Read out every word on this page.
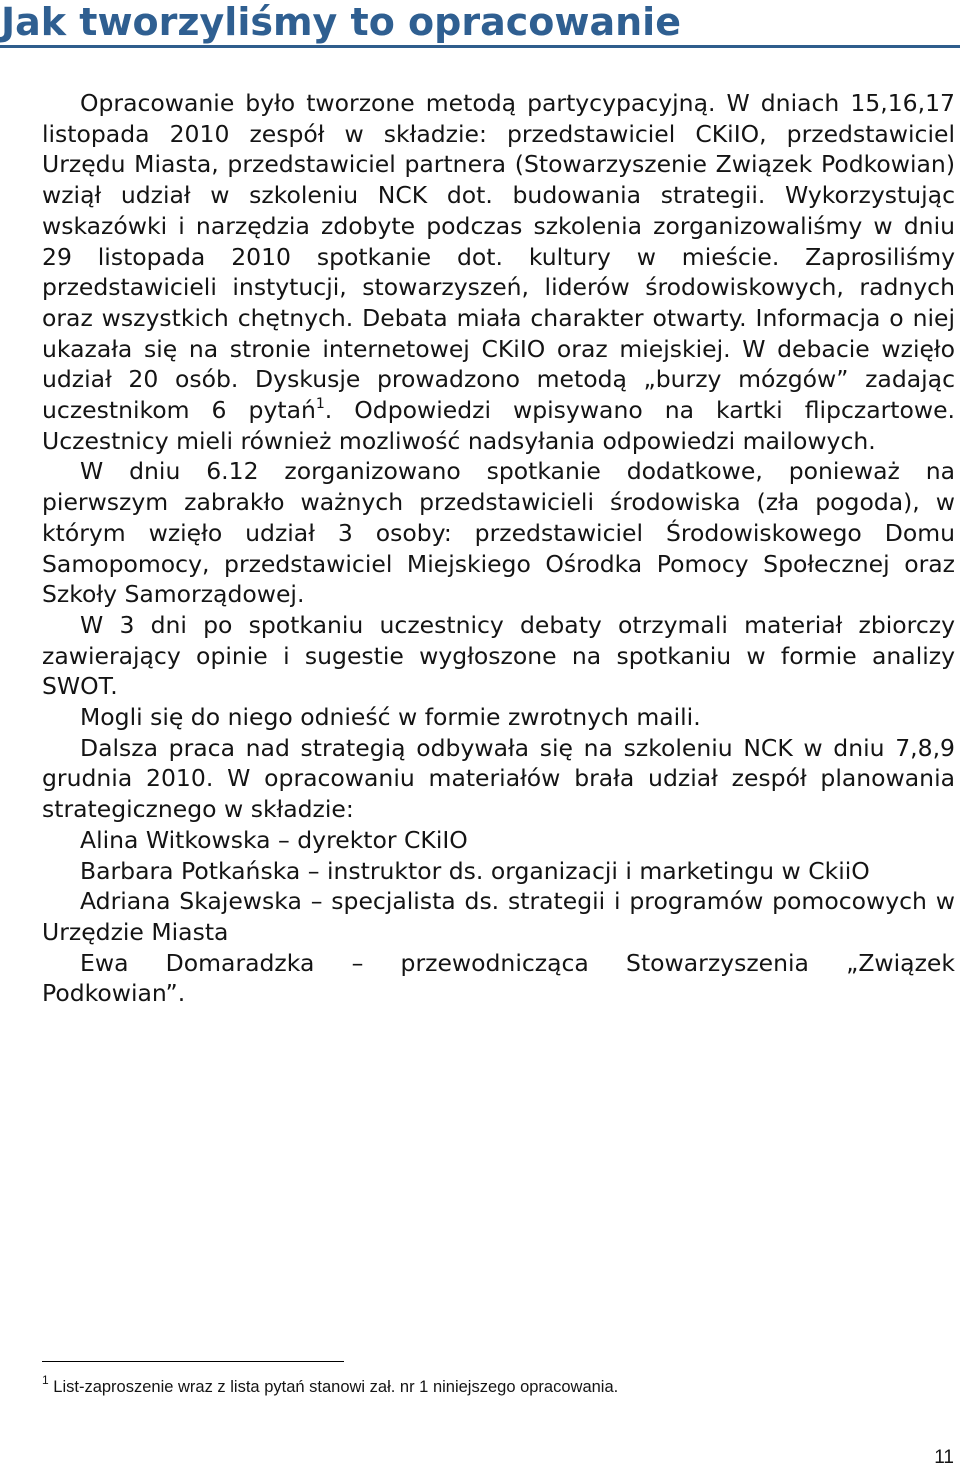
Jak tworzyliśmy to opracowanie

Opracowanie było tworzone metodą partycypacyjną. W dniach 15,16,17 listopada 2010 zespół w składzie: przedstawiciel CKiIO, przedstawiciel Urzędu Miasta, przedstawiciel partnera (Stowarzyszenie Związek Podkowian) wziął udział w szkoleniu NCK dot. budowania strategii. Wykorzystując wskazówki i narzędzia zdobyte podczas szkolenia zorganizowaliśmy w dniu 29 listopada 2010 spotkanie dot. kultury w mieście. Zaprosiliśmy przedstawicieli instytucji, stowarzyszeń, liderów środowiskowych, radnych oraz wszystkich chętnych. Debata miała charakter otwarty. Informacja o niej ukazała się na stronie internetowej CKiIO oraz miejskiej. W debacie wzięło udział 20 osób. Dyskusje prowadzono metodą „burzy mózgów” zadając uczestnikom 6 pytań$^1$. Odpowiedzi wpisywano na kartki flipczartowe. Uczestnicy mieli również mozliwość nadsyłania odpowiedzi mailowych.

W dniu 6.12 zorganizowano spotkanie dodatkowe, ponieważ na pierwszym zabrakło ważnych przedstawicieli środowiska (zła pogoda), w którym wzięło udział 3 osoby: przedstawiciel Środowiskowego Domu Samopomocy, przedstawiciel Miejskiego Ośrodka Pomocy Społecznej oraz Szkoły Samorządowej.

W 3 dni po spotkaniu uczestnicy debaty otrzymali materiał zbiorczy zawierający opinie i sugestie wygłoszone na spotkaniu w formie analizy SWOT.

Mogli się do niego odnieść w formie zwrotnych maili.

Dalsza praca nad strategią odbywała się na szkoleniu NCK w dniu 7,8,9 grudnia 2010. W opracowaniu materiałów brała udział zespół planowania strategicznego w składzie:

Alina Witkowska – dyrektor CKiIO

Barbara Potkańska – instruktor ds. organizacji i marketingu w CkiiO

Adriana Skajewska – specjalista ds. strategii i programów pomocowych w Urzędzie Miasta

Ewa Domaradzka – przewodnicząca Stowarzyszenia „Związek Podkowian”.

$^1$ List-zaproszenie wraz z lista pytań stanowi zał. nr 1 niniejszego opracowania.
11
